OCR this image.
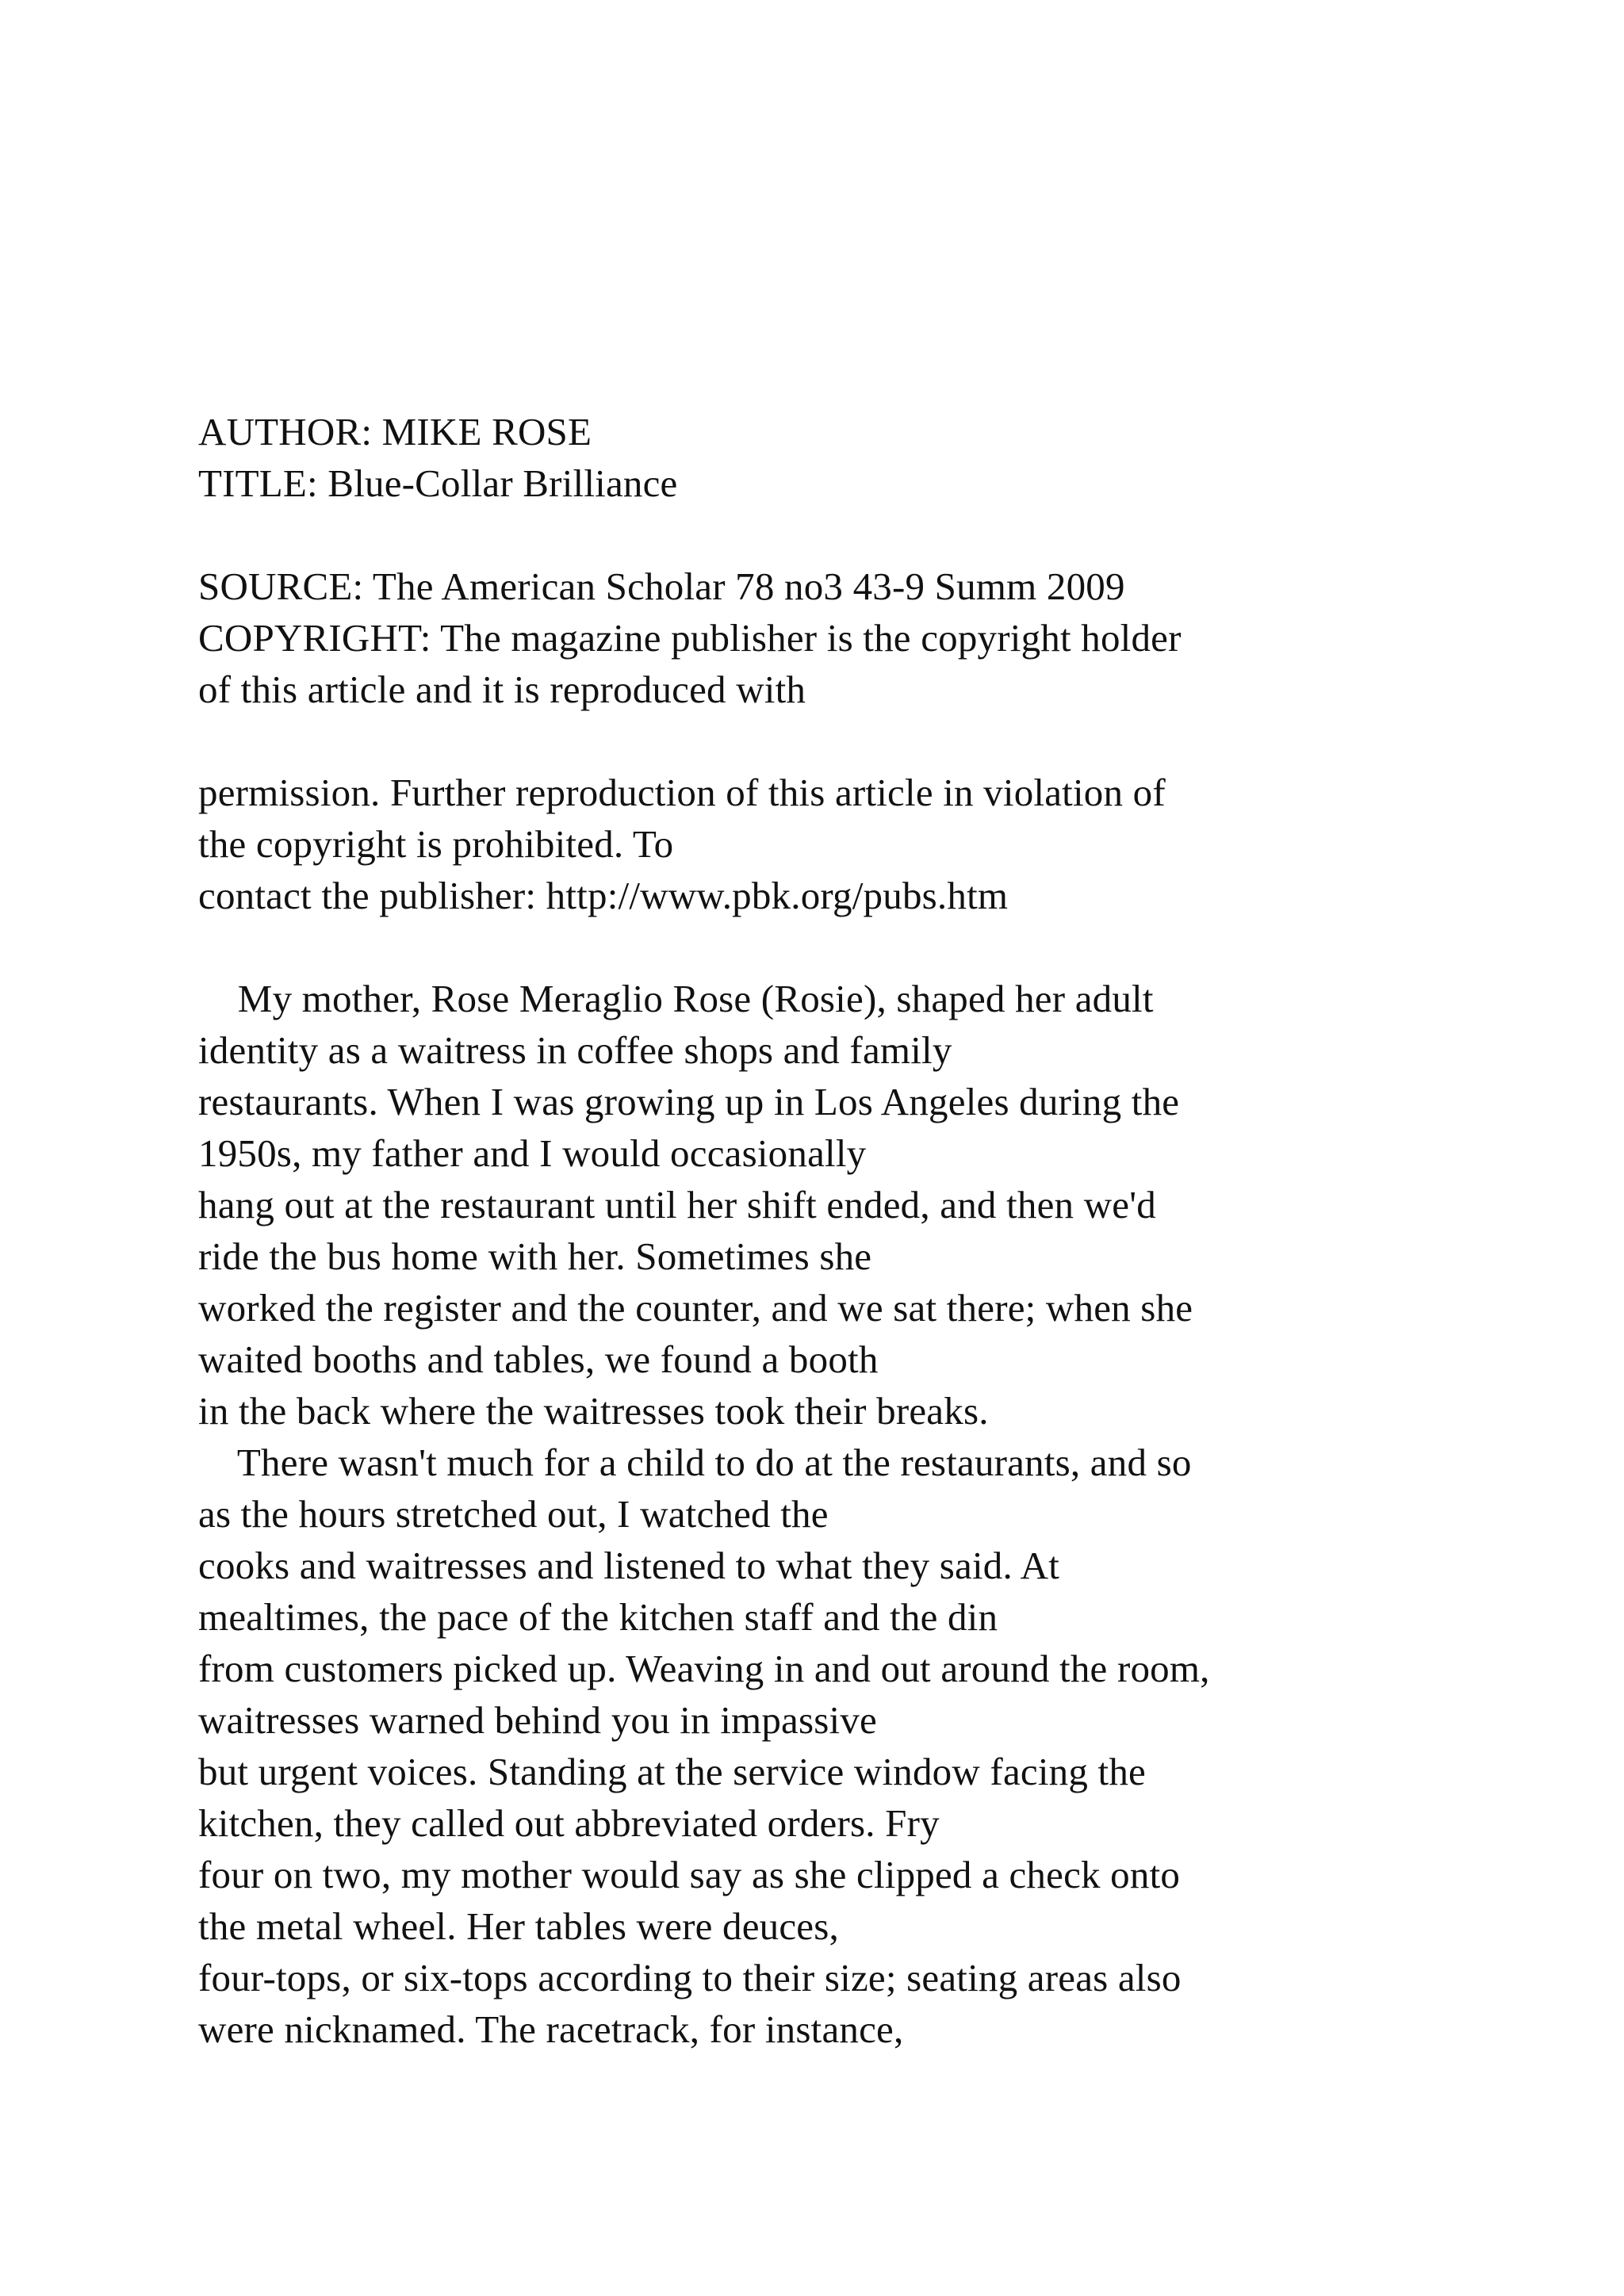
AUTHOR: MIKE ROSE
TITLE: Blue-Collar Brilliance
SOURCE: The American Scholar 78 no3 43-9 Summ 2009
COPYRIGHT: The magazine publisher is the copyright holder
of this article and it is reproduced with
permission. Further reproduction of this article in violation of
the copyright is prohibited. To
contact the publisher: http://www.pbk.org/pubs.htm
My mother, Rose Meraglio Rose (Rosie), shaped her adult
identity as a waitress in coffee shops and family
restaurants. When I was growing up in Los Angeles during the
1950s, my father and I would occasionally
hang out at the restaurant until her shift ended, and then we'd
ride the bus home with her. Sometimes she
worked the register and the counter, and we sat there; when she
waited booths and tables, we found a booth
in the back where the waitresses took their breaks.
There wasn't much for a child to do at the restaurants, and so
as the hours stretched out, I watched the
cooks and waitresses and listened to what they said. At
mealtimes, the pace of the kitchen staff and the din
from customers picked up. Weaving in and out around the room,
waitresses warned behind you in impassive
but urgent voices. Standing at the service window facing the
kitchen, they called out abbreviated orders. Fry
four on two, my mother would say as she clipped a check onto
the metal wheel. Her tables were deuces,
four-tops, or six-tops according to their size; seating areas also
were nicknamed. The racetrack, for instance,
